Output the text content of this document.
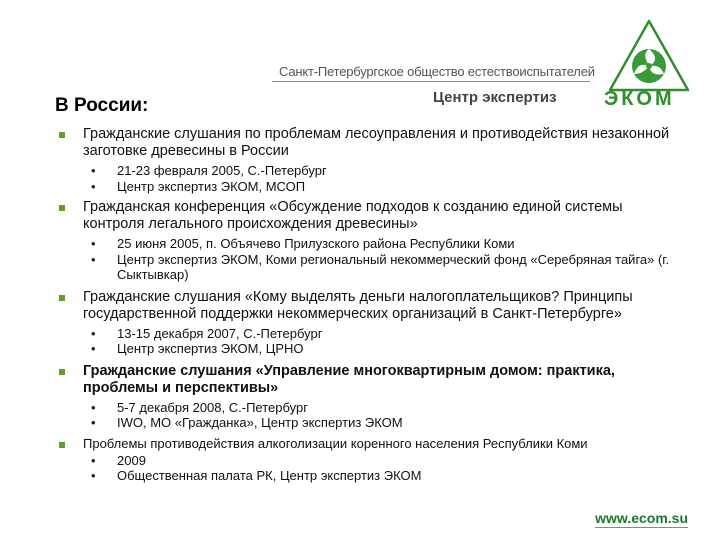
Санкт-Петербургское общество естествоиспытателей
Центр экспертиз ЭКОМ
В России:
Гражданские слушания по проблемам лесоуправления и противодействия незаконной заготовке древесины в России
• 21-23 февраля 2005, С.-Петербург
• Центр экспертиз ЭКОМ, МСОП
Гражданская конференция «Обсуждение подходов к созданию единой системы контроля легального происхождения древесины»
• 25 июня 2005, п. Объячево Прилузского района Республики Коми
• Центр экспертиз ЭКОМ, Коми региональный некоммерческий фонд «Серебряная тайга» (г. Сыктывкар)
Гражданские слушания «Кому выделять деньги налогоплательщиков? Принципы государственной поддержки некоммерческих организаций в Санкт-Петербурге»
• 13-15 декабря 2007, С.-Петербург
• Центр экспертиз ЭКОМ, ЦРНО
Гражданские слушания «Управление многоквартирным домом: практика, проблемы и перспективы»
• 5-7 декабря 2008, С.-Петербург
• IWO, МО «Гражданка», Центр экспертиз ЭКОМ
Проблемы противодействия алкоголизации коренного населения Республики Коми
• 2009
• Общественная палата РК, Центр экспертиз ЭКОМ
www.ecom.su
